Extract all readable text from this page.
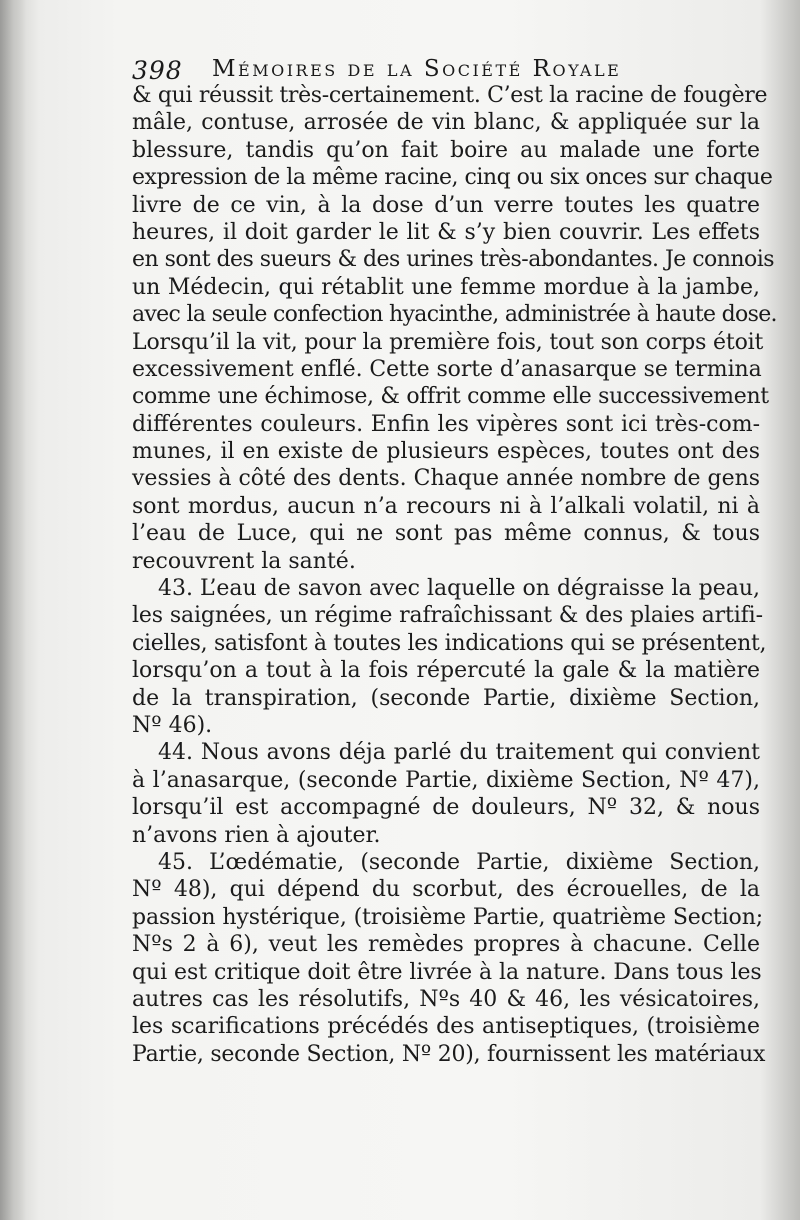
398 Mémoires de la Société Royale
& qui réussit très-certainement. C’est la racine de fougère
mâle, contuse, arrosée de vin blanc, & appliquée sur la
blessure, tandis qu’on fait boire au malade une forte
expression de la même racine, cinq ou six onces sur chaque
livre de ce vin, à la dose d’un verre toutes les quatre
heures, il doit garder le lit & s’y bien couvrir. Les effets
en sont des sueurs & des urines très-abondantes. Je connois
un Médecin, qui rétablit une femme mordue à la jambe,
avec la seule confection hyacinthe, administrée à haute dose.
Lorsqu’il la vit, pour la première fois, tout son corps étoit
excessivement enflé. Cette sorte d’anasarque se termina
comme une échimose, & offrit comme elle successivement
différentes couleurs. Enfin les vipères sont ici très-com-
munes, il en existe de plusieurs espèces, toutes ont des
vessies à côté des dents. Chaque année nombre de gens
sont mordus, aucun n’a recours ni à l’alkali volatil, ni à
l’eau de Luce, qui ne sont pas même connus, & tous
recouvrent la santé.
43. L’eau de savon avec laquelle on dégraisse la peau,
les saignées, un régime rafraîchissant & des plaies artifi-
cielles, satisfont à toutes les indications qui se présentent,
lorsqu’on a tout à la fois répercuté la gale & la matière
de la transpiration, (seconde Partie, dixième Section,
Nº 46).
44. Nous avons déja parlé du traitement qui convient
à l’anasarque, (seconde Partie, dixième Section, Nº 47),
lorsqu’il est accompagné de douleurs, Nº 32, & nous
n’avons rien à ajouter.
45. L’œdématie, (seconde Partie, dixième Section,
Nº 48), qui dépend du scorbut, des écrouelles, de la
passion hystérique, (troisième Partie, quatrième Section;
Nºs 2 à 6), veut les remèdes propres à chacune. Celle
qui est critique doit être livrée à la nature. Dans tous les
autres cas les résolutifs, Nºs 40 & 46, les vésicatoires,
les scarifications précédés des antiseptiques, (troisième
Partie, seconde Section, Nº 20), fournissent les matériaux
